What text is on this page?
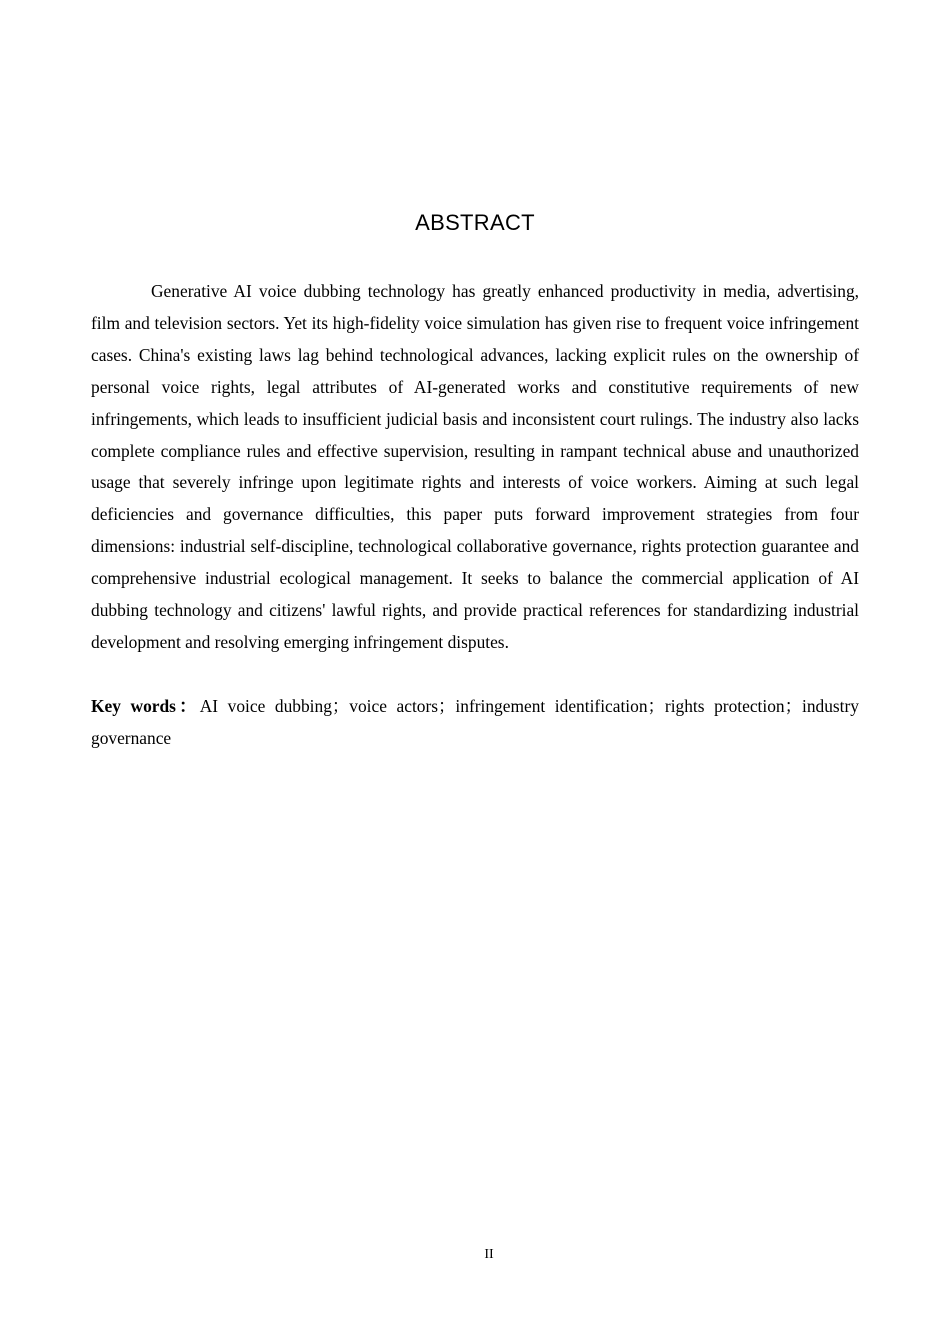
ABSTRACT

Generative AI voice dubbing technology has greatly enhanced productivity in media, advertising, film and television sectors. Yet its high-fidelity voice simulation has given rise to frequent voice infringement cases. China's existing laws lag behind technological advances, lacking explicit rules on the ownership of personal voice rights, legal attributes of AI-generated works and constitutive requirements of new infringements, which leads to insufficient judicial basis and inconsistent court rulings. The industry also lacks complete compliance rules and effective supervision, resulting in rampant technical abuse and unauthorized usage that severely infringe upon legitimate rights and interests of voice workers. Aiming at such legal deficiencies and governance difficulties, this paper puts forward improvement strategies from four dimensions: industrial self-discipline, technological collaborative governance, rights protection guarantee and comprehensive industrial ecological management. It seeks to balance the commercial application of AI dubbing technology and citizens' lawful rights, and provide practical references for standardizing industrial development and resolving emerging infringement disputes.

Key words：AI voice dubbing；voice actors；infringement identification；rights protection；industry governance

II
